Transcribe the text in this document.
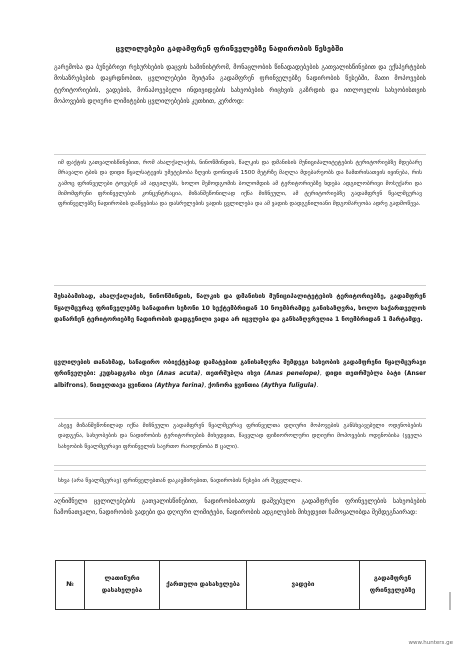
ცვლილებები გადამფრენ ფრინველებზე ნადირობის წესებში

გარემოსა და ბუნებრივი რესურსების დაცვის სამინისტრომ, მონაცლობის წინადადებების გათვალისწინებით და ექსპერტების მოსაზრებების დაყრდნობით, ცვლილებები შეიტანა გადამფრენ ფრინველებზე ნადირობის წესებში, მათი მოპოვების ტერიტორიების, ვადების, მონაპოვებელი ინდივიდების სახეობების რიცხვის გაზრდის და ითლოვლის სახეობისთვის მოპოვების დღიური ლიმიტების ცვლილებების კუთხით, კერძოდ:

იმ ფაქტის გათვალისწინებით, რომ ახალქალაქის, ნინოწმინდის, წალკის და დმანისის მუნიციპალიტეტების ტერიტორიებზე მდებარე მრავალი ტბის და დიდი წყალსატევის უმეტესობა ზღვის დონიდან 1500 მეტრზე მაღლა მდებარეობს და ზამთრისათვის იყინება, რის გამოც ფრინველები ტოვებენ ამ ადგილებს, ხოლო შემოდგომის ბოლომდის ამ ტერიტორიებზე ხდება ადგილობრივი მოსუქარი და მიმომფრენი ფრინველების კონცენტრაცია, მიზანშეწონილად იქნა მიჩნეული, ამ ტერიტორიებზე გადამფრენ წყალმცურავ ფრინველებზე ნადირობის დაწყებისა და დასრულების ვადის ცვლილება და ამ ვადის დადგენილიანი მდგომარეობა ადრე გადმოწევა.

შესაბამისად, ახალქალაქის, ნინოწმინდის, წალკის და დმანისის მუნიციპალიტეტების ტერიტორიებზე, გადამფრენ წყალმცურავ ფრინველებზე სანადირო სეზონი 10 სექტემბრიდან 10 ნოემბრამდე განისაზღვრა, ხოლო საქართველოს დანარჩენ ტერიტორიებზე ნადირობის დადგენილი ვადა არ იცვლება და განსაზღვრულია 1 ნოემბრიდან 1 მარტამდე.

ცვლილების თანახმად, სანადირო ობიექტებად დამატებით განისაზღვრა შემდეგი სახეობის გადამფრენი წყალმცურავი ფრინველები: კუდსადგისა იხვი (Anas acuta), თეთრშუბლა იხვი (Anas penelope), დიდი თეთრშუბლა ბატი (Anser albifrons), წითელთავა ყვინთია (Aythya ferina), ქოჩორა ყვინთია (Aythya fuligula).

ასევე მიზანშეწონილად იქნა მიჩნეული გადამფრენ წყალმცურავ ფრინველთა დღიური მოპოვების განსხვავებული ოდენობების დადგენა, სახეობების და ნადირობის ტერიტორიების მიხედვით, წაყვლად ფიზიოროლური დღიური მოპოვების ოდენობისა (ყველა სახეობის წყალმცურავი ფრინველის საერთო რაოდენობა 8 ცალი).

სხვა (არა წყალმცურავ) ფრინველებთან დაკავშირებით, ნადირობის წესები არ შეცვლილა.

აღნიშნული ცვლილებების გათვალისწინებით, ნადირობისათვის დაშვებული გადამფრენი ფრინველების სახეობების ჩამონათვალი, ნადირობის ვადები და დღიური ლიმიტები, ნადირობის ადგილების მიხედვით ჩამოყალიბდა შემდეგნაირად:

№	ლათინური დასახელება	ქართული დასახელება	ვადები	გადამფრენ ფრინველებზე
www.hunters.ge
